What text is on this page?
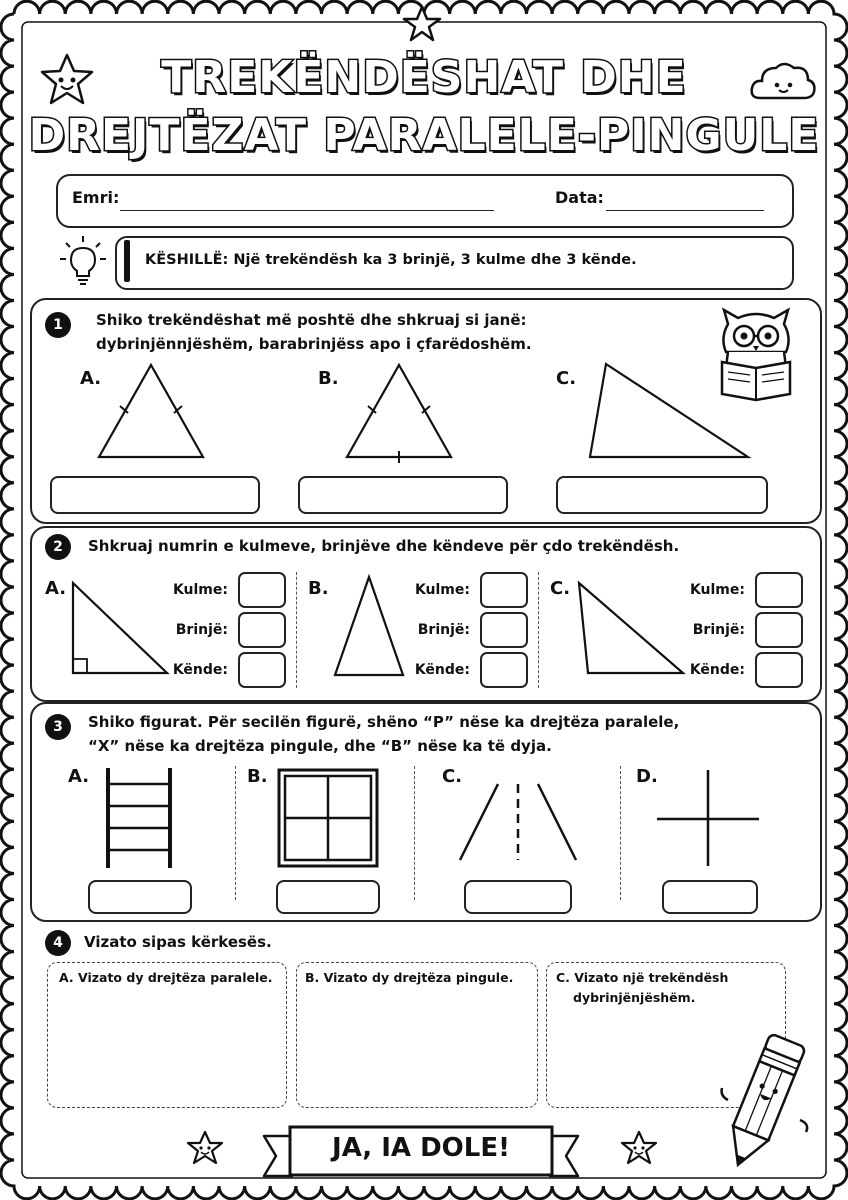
TREKËNDËSHAT DHE
DREJTËZAT PARALELE-PINGULE
Emri:	Data:
KËSHILLË: Një trekëndësh ka 3 brinjë, 3 kulme dhe 3 kënde.
1	Shiko trekëndëshat më poshtë dhe shkruaj si janë:
dybrinjënnjëshëm, barabrinjëss apo i çfarëdoshëm.
A.	B.	C.
2	Shkruaj numrin e kulmeve, brinjëve dhe këndeve për çdo trekëndësh.
A.	Kulme:
Brinjë:
Kënde:
B.	Kulme:
Brinjë:
Kënde:
C.	Kulme:
Brinjë:
Kënde:
3	Shiko figurat. Për secilën figurë, shëno “P” nëse ka drejtëza paralele,
“X” nëse ka drejtëza pingule, dhe “B” nëse ka të dyja.
A.	B.	C.	D.
4	Vizato sipas kërkesës.
A. Vizato dy drejtëza paralele.	B. Vizato dy drejtëza pingule.	C. Vizato një trekëndësh
dybrinjënjëshëm.
JA, IA DOLE!
